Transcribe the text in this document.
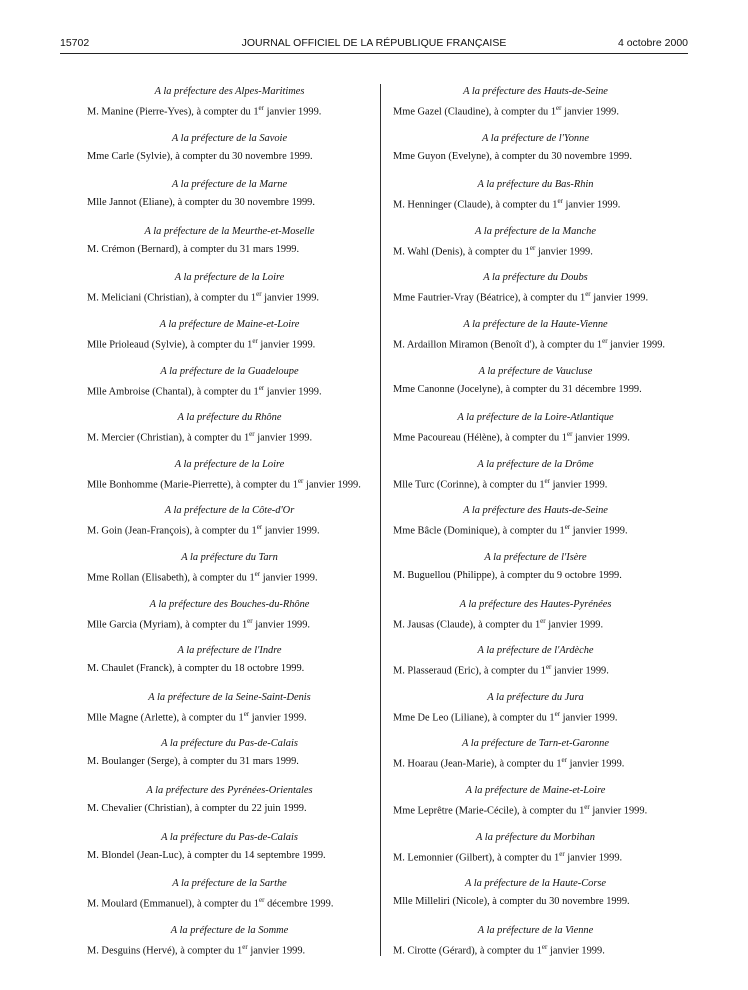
15702	JOURNAL OFFICIEL DE LA RÉPUBLIQUE FRANÇAISE	4 octobre 2000
A la préfecture des Alpes-Maritimes
M. Manine (Pierre-Yves), à compter du 1er janvier 1999.
A la préfecture de la Savoie
Mme Carle (Sylvie), à compter du 30 novembre 1999.
A la préfecture de la Marne
Mlle Jannot (Eliane), à compter du 30 novembre 1999.
A la préfecture de la Meurthe-et-Moselle
M. Crémon (Bernard), à compter du 31 mars 1999.
A la préfecture de la Loire
M. Meliciani (Christian), à compter du 1er janvier 1999.
A la préfecture de Maine-et-Loire
Mlle Prioleaud (Sylvie), à compter du 1er janvier 1999.
A la préfecture de la Guadeloupe
Mlle Ambroise (Chantal), à compter du 1er janvier 1999.
A la préfecture du Rhône
M. Mercier (Christian), à compter du 1er janvier 1999.
A la préfecture de la Loire
Mlle Bonhomme (Marie-Pierrette), à compter du 1er janvier 1999.
A la préfecture de la Côte-d'Or
M. Goin (Jean-François), à compter du 1er janvier 1999.
A la préfecture du Tarn
Mme Rollan (Elisabeth), à compter du 1er janvier 1999.
A la préfecture des Bouches-du-Rhône
Mlle Garcia (Myriam), à compter du 1er janvier 1999.
A la préfecture de l'Indre
M. Chaulet (Franck), à compter du 18 octobre 1999.
A la préfecture de la Seine-Saint-Denis
Mlle Magne (Arlette), à compter du 1er janvier 1999.
A la préfecture du Pas-de-Calais
M. Boulanger (Serge), à compter du 31 mars 1999.
A la préfecture des Pyrénées-Orientales
M. Chevalier (Christian), à compter du 22 juin 1999.
A la préfecture du Pas-de-Calais
M. Blondel (Jean-Luc), à compter du 14 septembre 1999.
A la préfecture de la Sarthe
M. Moulard (Emmanuel), à compter du 1er décembre 1999.
A la préfecture de la Somme
M. Desguins (Hervé), à compter du 1er janvier 1999.
A la préfecture des Hauts-de-Seine
Mme Gazel (Claudine), à compter du 1er janvier 1999.
A la préfecture de l'Yonne
Mme Guyon (Evelyne), à compter du 30 novembre 1999.
A la préfecture du Bas-Rhin
M. Henninger (Claude), à compter du 1er janvier 1999.
A la préfecture de la Manche
M. Wahl (Denis), à compter du 1er janvier 1999.
A la préfecture du Doubs
Mme Fautrier-Vray (Béatrice), à compter du 1er janvier 1999.
A la préfecture de la Haute-Vienne
M. Ardaillon Miramon (Benoît d'), à compter du 1er janvier 1999.
A la préfecture de Vaucluse
Mme Canonne (Jocelyne), à compter du 31 décembre 1999.
A la préfecture de la Loire-Atlantique
Mme Pacoureau (Hélène), à compter du 1er janvier 1999.
A la préfecture de la Drôme
Mlle Turc (Corinne), à compter du 1er janvier 1999.
A la préfecture des Hauts-de-Seine
Mme Bâcle (Dominique), à compter du 1er janvier 1999.
A la préfecture de l'Isère
M. Buguellou (Philippe), à compter du 9 octobre 1999.
A la préfecture des Hautes-Pyrénées
M. Jausas (Claude), à compter du 1er janvier 1999.
A la préfecture de l'Ardèche
M. Plasseraud (Eric), à compter du 1er janvier 1999.
A la préfecture du Jura
Mme De Leo (Liliane), à compter du 1er janvier 1999.
A la préfecture de Tarn-et-Garonne
M. Hoarau (Jean-Marie), à compter du 1er janvier 1999.
A la préfecture de Maine-et-Loire
Mme Leprêtre (Marie-Cécile), à compter du 1er janvier 1999.
A la préfecture du Morbihan
M. Lemonnier (Gilbert), à compter du 1er janvier 1999.
A la préfecture de la Haute-Corse
Mlle Milleliri (Nicole), à compter du 30 novembre 1999.
A la préfecture de la Vienne
M. Cirotte (Gérard), à compter du 1er janvier 1999.
